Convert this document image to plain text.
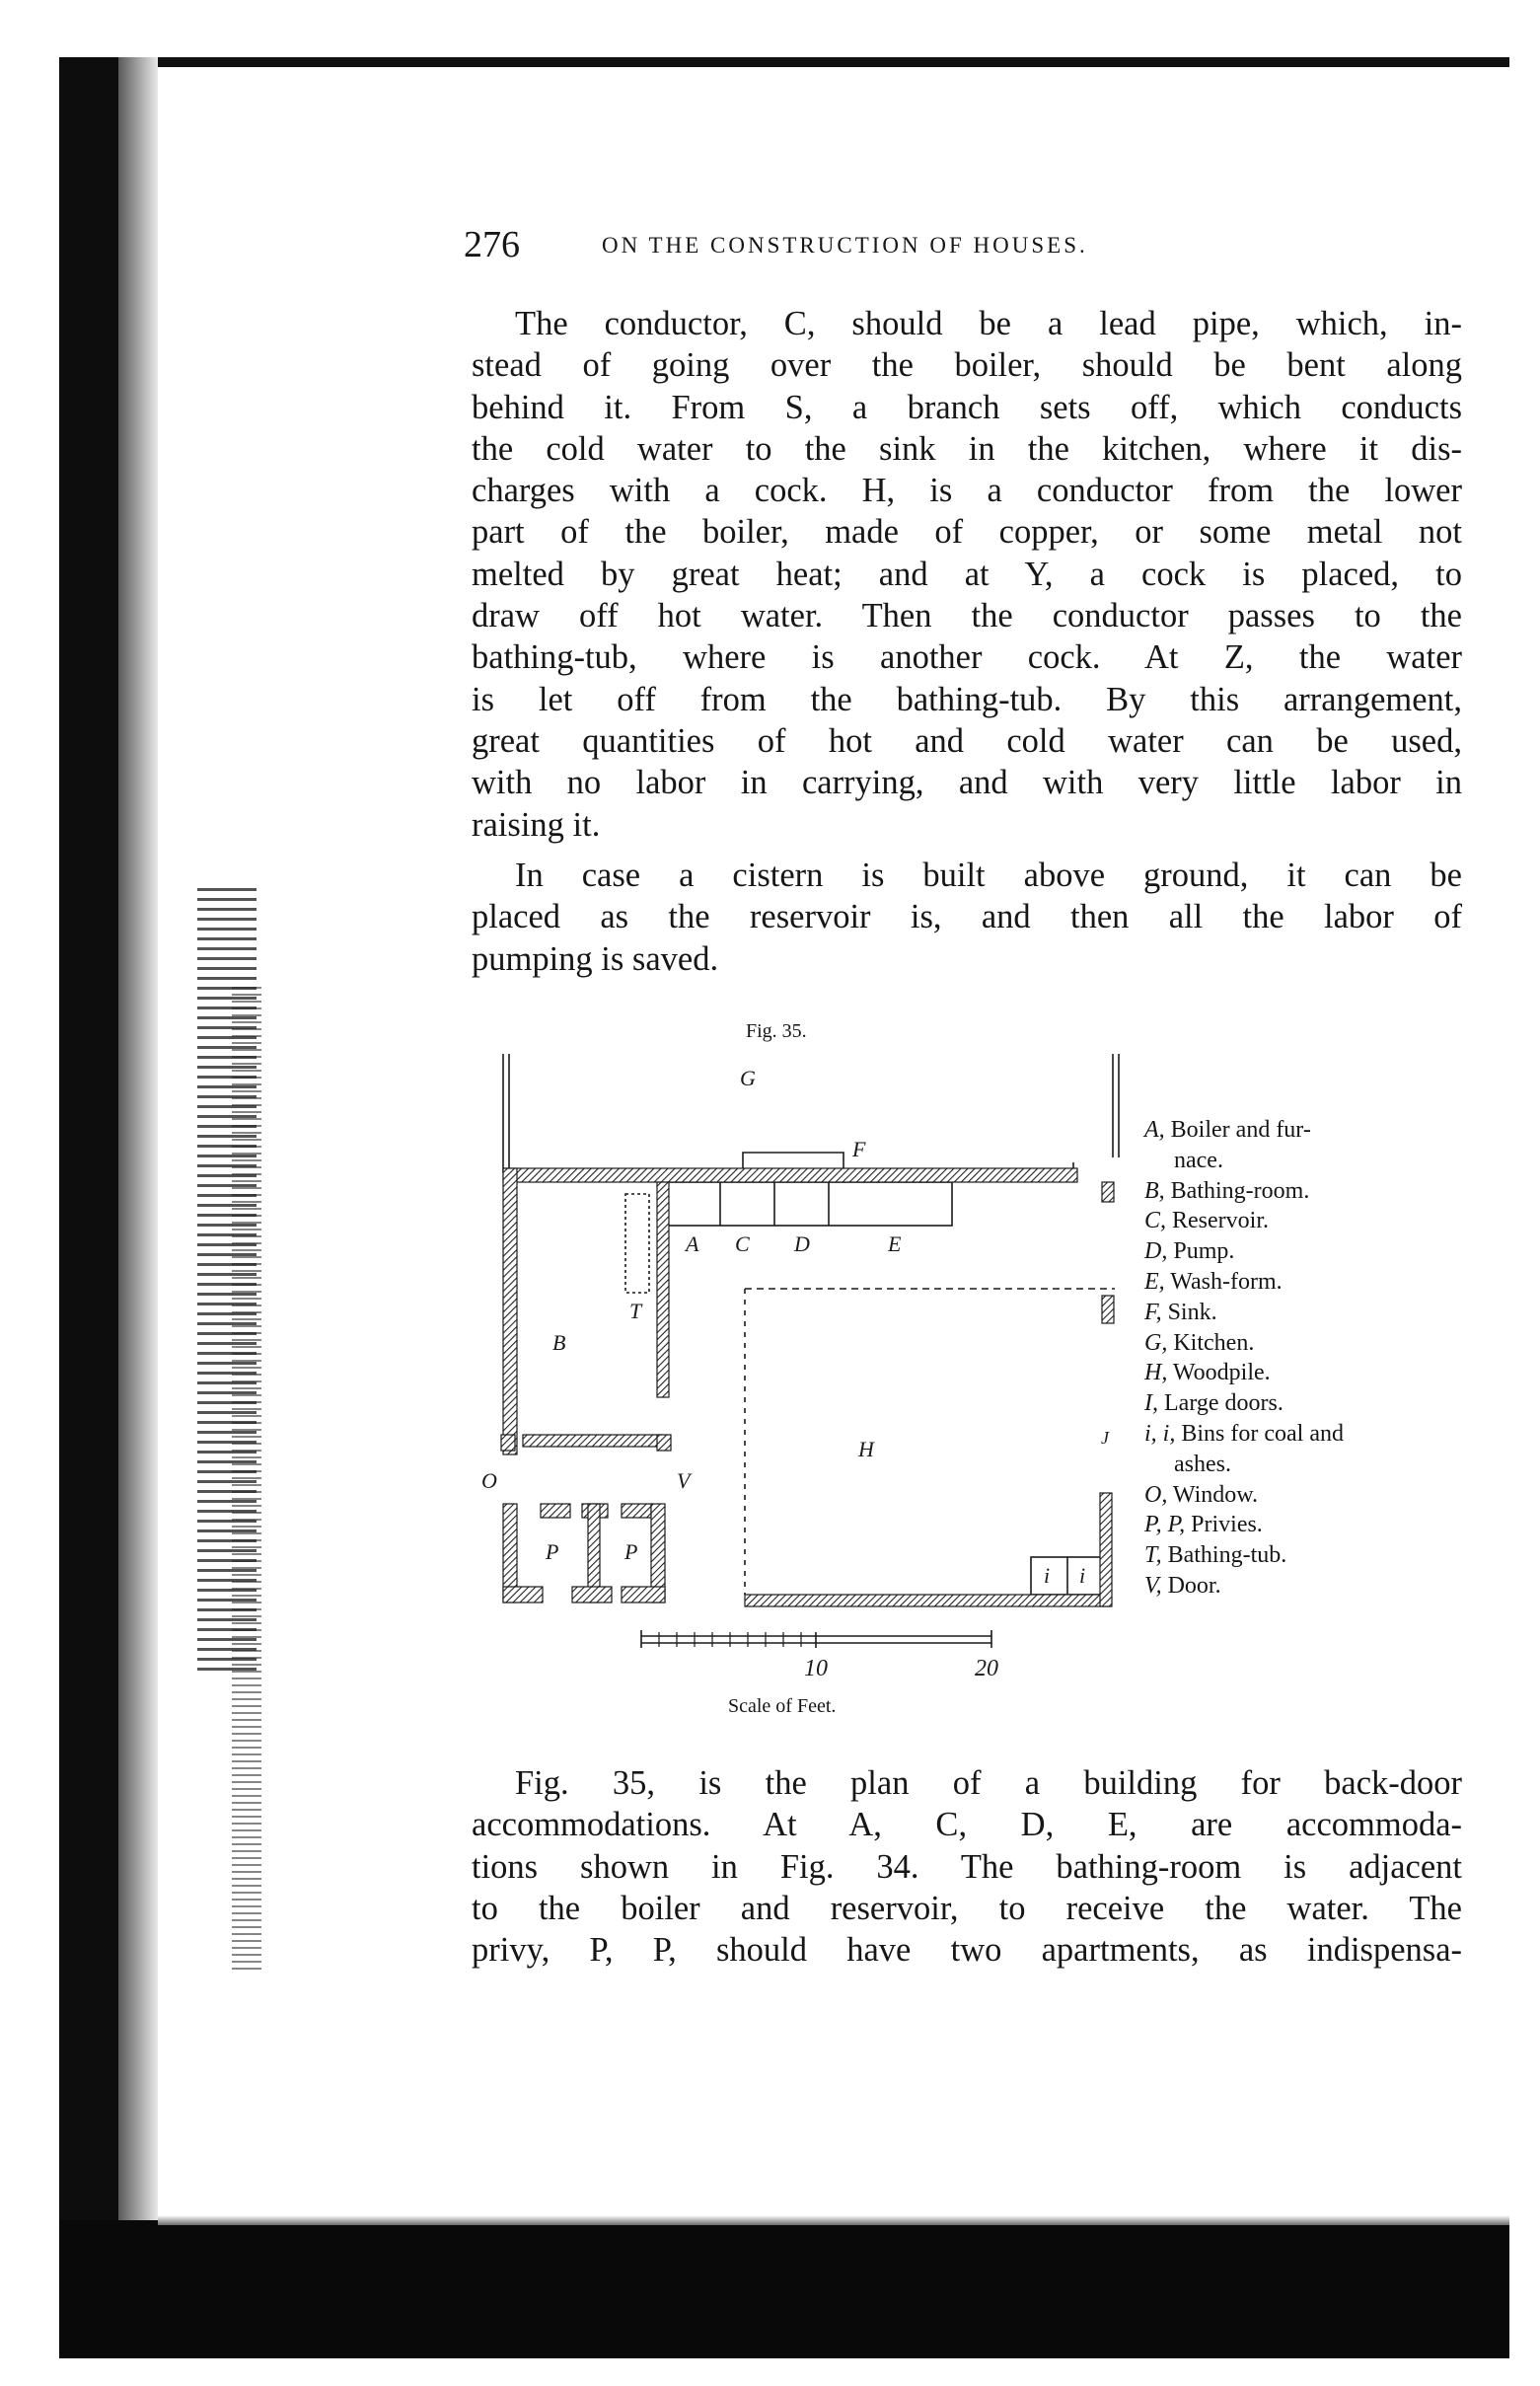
276	ON THE CONSTRUCTION OF HOUSES.

The conductor, C, should be a lead pipe, which, in-
stead of going over the boiler, should be bent along
behind it. From S, a branch sets off, which conducts
the cold water to the sink in the kitchen, where it dis-
charges with a cock. H, is a conductor from the lower
part of the boiler, made of copper, or some metal not
melted by great heat; and at Y, a cock is placed, to
draw off hot water. Then the conductor passes to the
bathing-tub, where is another cock. At Z, the water
is let off from the bathing-tub. By this arrangement,
great quantities of hot and cold water can be used,
with no labor in carrying, and with very little labor in
raising it.

In case a cistern is built above ground, it can be
placed as the reservoir is, and then all the labor of
pumping is saved.

Fig. 35.
G
F
A C D	E
T
B
H
O	V
J
P	P
i i
10	20
Scale of Feet.
A, Boiler and fur-
nace.
B, Bathing-room.
C, Reservoir.
D, Pump.
E, Wash-form.
F, Sink.
G, Kitchen.
H, Woodpile.
I, Large doors.
i, i, Bins for coal and
ashes.
O, Window.
P, P, Privies.
T, Bathing-tub.
V, Door.

Fig. 35, is the plan of a building for back-door
accommodations. At A, C, D, E, are accommoda-
tions shown in Fig. 34. The bathing-room is adjacent
to the boiler and reservoir, to receive the water. The
privy, P, P, should have two apartments, as indispensa-
